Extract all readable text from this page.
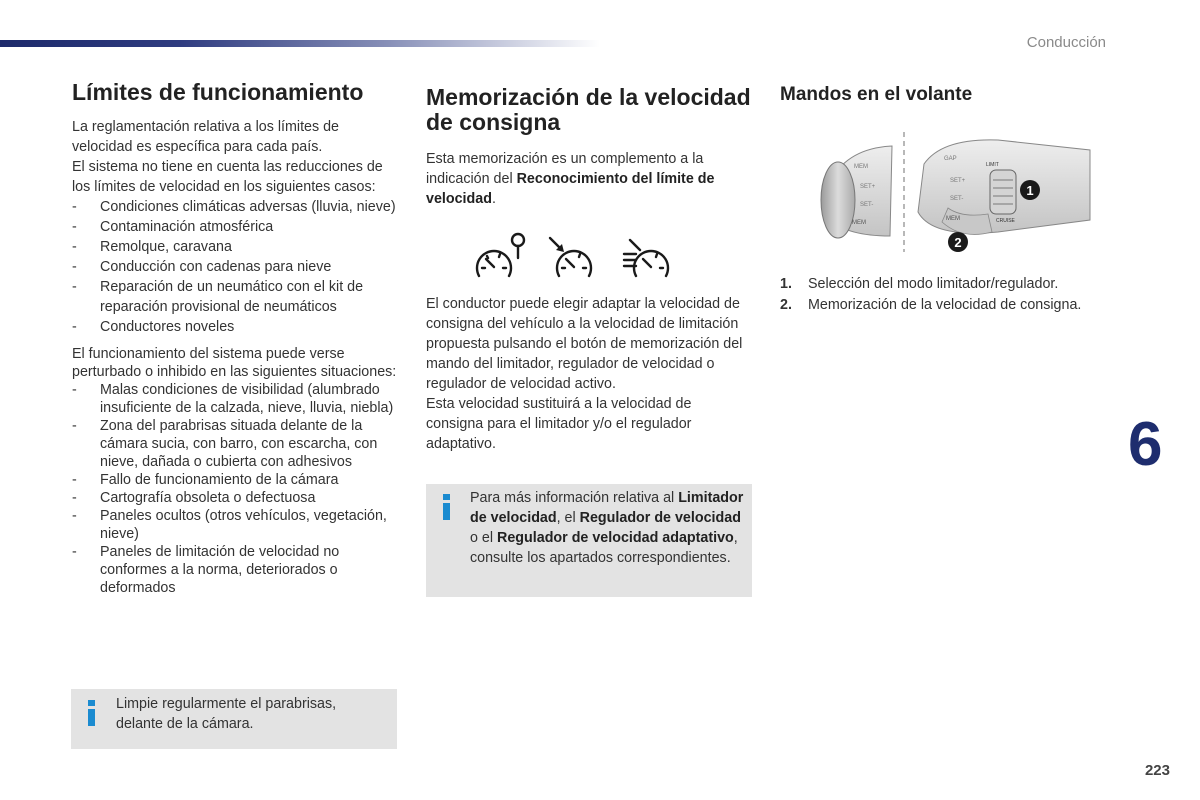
Conducción
Límites de funcionamiento

La reglamentación relativa a los límites de velocidad es específica para cada país.

El sistema no tiene en cuenta las reducciones de los límites de velocidad en los siguientes casos:

- Condiciones climáticas adversas (lluvia, nieve)
- Contaminación atmosférica
- Remolque, caravana
- Conducción con cadenas para nieve
- Reparación de un neumático con el kit de reparación provisional de neumáticos
- Conductores noveles

El funcionamiento del sistema puede verse perturbado o inhibido en las siguientes situaciones:

- Malas condiciones de visibilidad (alumbrado insuficiente de la calzada, nieve, lluvia, niebla)
- Zona del parabrisas situada delante de la cámara sucia, con barro, con escarcha, con nieve, dañada o cubierta con adhesivos
- Fallo de funcionamiento de la cámara
- Cartografía obsoleta o defectuosa
- Paneles ocultos (otros vehículos, vegetación, nieve)
- Paneles de limitación de velocidad no conformes a la norma, deteriorados o deformados

Limpie regularmente el parabrisas, delante de la cámara.

Memorización de la velocidad de consigna

Esta memorización es un complemento a la indicación del Reconocimiento del límite de velocidad.

El conductor puede elegir adaptar la velocidad de consigna del vehículo a la velocidad de limitación propuesta pulsando el botón de memorización del mando del limitador, regulador de velocidad o regulador de velocidad activo.

Esta velocidad sustituirá a la velocidad de consigna para el limitador y/o el regulador adaptativo.

Para más información relativa al Limitador de velocidad, el Regulador de velocidad o el Regulador de velocidad adaptativo, consulte los apartados correspondientes.

Mandos en el volante
MEM
SET+
SET-
MEM
GAP
SET+
SET-
MEM
LIMIT
CRUISE
1
2
1. Selección del modo limitador/regulador.
2. Memorización de la velocidad de consigna.
6
223
